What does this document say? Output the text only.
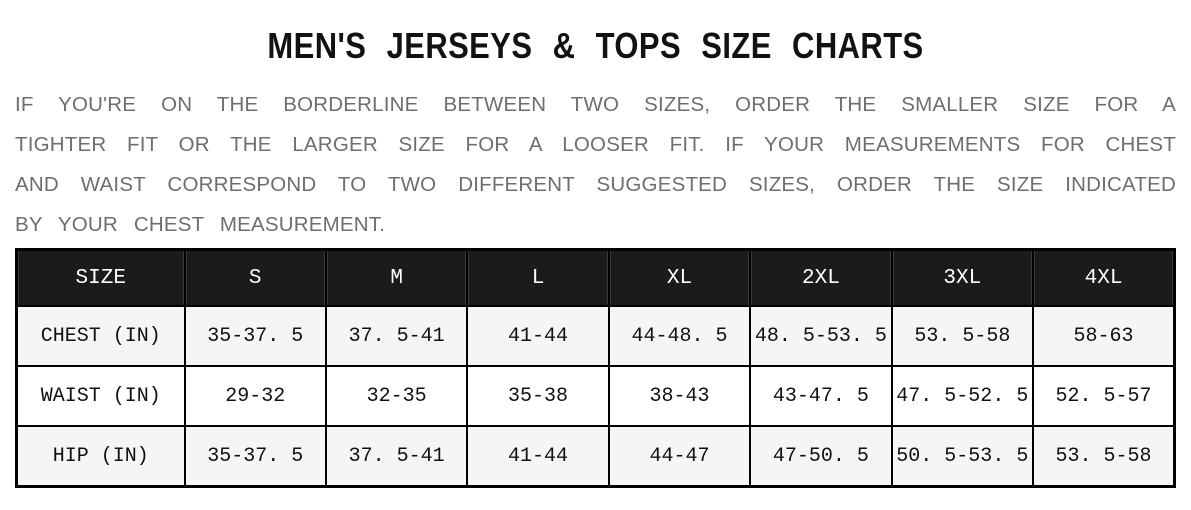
MEN'S JERSEYS & TOPS SIZE CHARTS
IF YOU'RE ON THE BORDERLINE BETWEEN TWO SIZES, ORDER THE SMALLER SIZE FOR A
TIGHTER FIT OR THE LARGER SIZE FOR A LOOSER FIT. IF YOUR MEASUREMENTS FOR CHEST
AND WAIST CORRESPOND TO TWO DIFFERENT SUGGESTED SIZES, ORDER THE SIZE INDICATED
BY YOUR CHEST MEASUREMENT.
SIZE	S	M	L	XL	2XL	3XL	4XL
CHEST (IN)	35-37. 5	37. 5-41	41-44	44-48. 5	48. 5-53. 5	53. 5-58	58-63
WAIST (IN)	29-32	32-35	35-38	38-43	43-47. 5	47. 5-52. 5	52. 5-57
HIP (IN)	35-37. 5	37. 5-41	41-44	44-47	47-50. 5	50. 5-53. 5	53. 5-58
